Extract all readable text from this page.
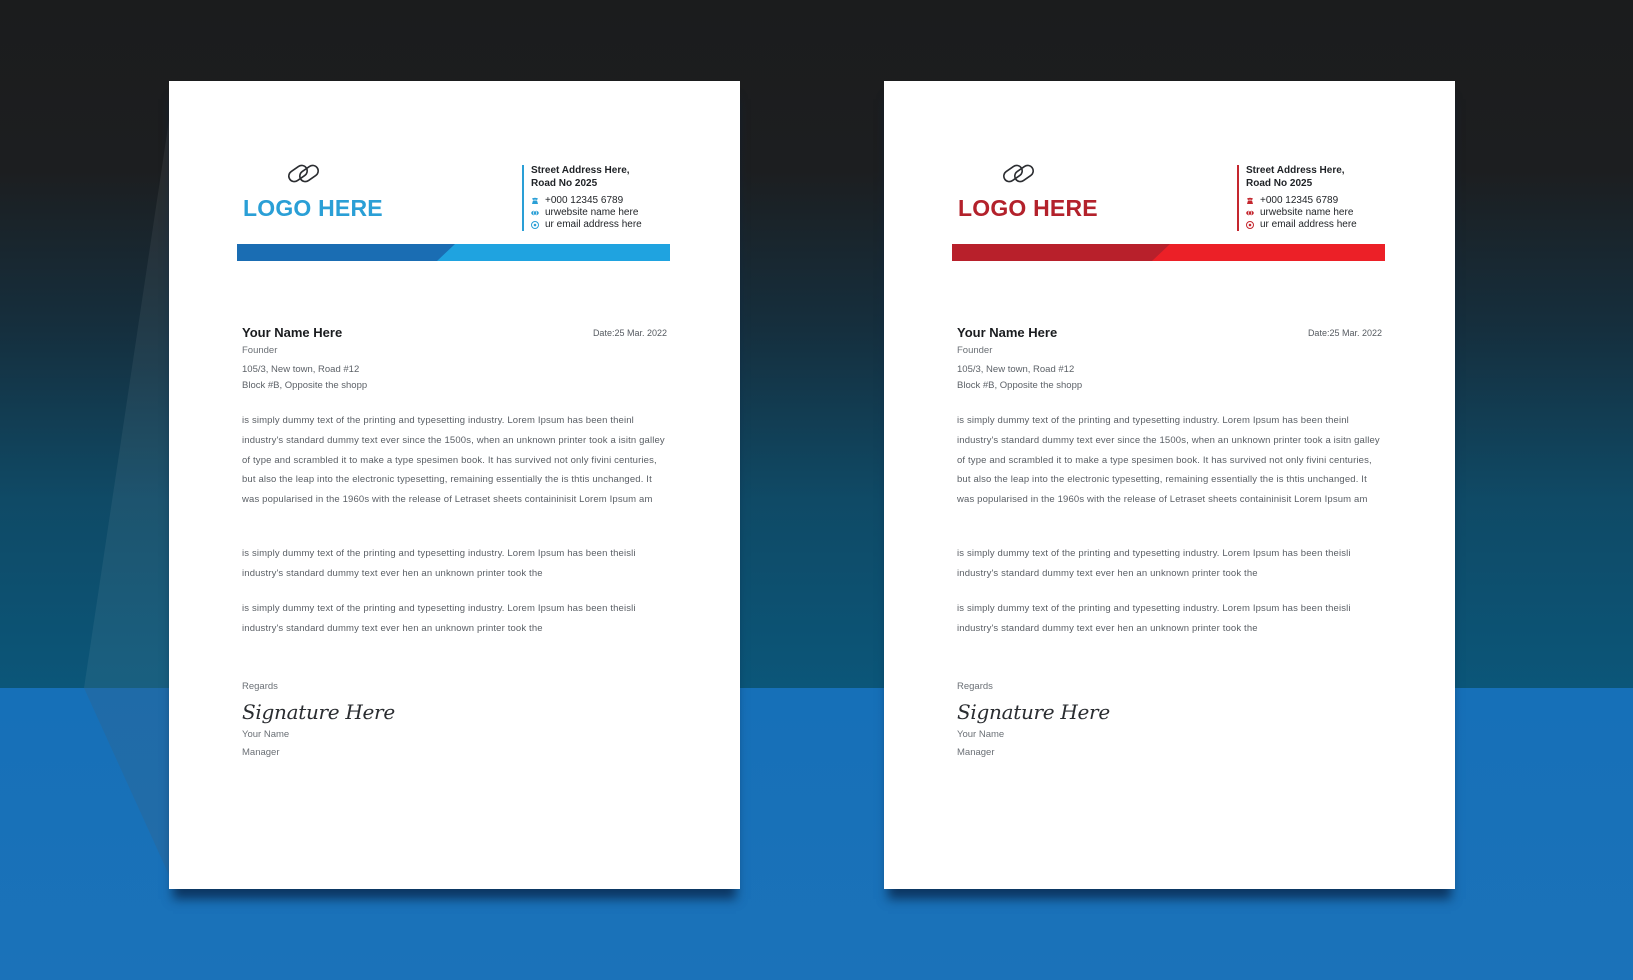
LOGO HERE
Street Address Here,
Road No 2025
+000 12345 6789
urwebsite name here
ur email address here
Your Name Here	Date:25 Mar. 2022
Founder
105/3, New town, Road #12
Block #B, Opposite the shopp

is simply dummy text of the printing and typesetting industry. Lorem Ipsum has been theinl industry's standard dummy text ever since the 1500s, when an unknown printer took a isitn galley of type and scrambled it to make a type spesimen book. It has survived not only fivini centuries, but also the leap into the electronic typesetting, remaining essentially the is thtis unchanged. It was popularised in the 1960s with the release of Letraset sheets containinisit Lorem Ipsum am

is simply dummy text of the printing and typesetting industry. Lorem Ipsum has been theisli industry's standard dummy text ever hen an unknown printer took the

is simply dummy text of the printing and typesetting industry. Lorem Ipsum has been theisli industry's standard dummy text ever hen an unknown printer took the

Regards
Signature Here
Your Name
Manager
LOGO HERE
Street Address Here,
Road No 2025
+000 12345 6789
urwebsite name here
ur email address here
Your Name Here	Date:25 Mar. 2022
Founder
105/3, New town, Road #12
Block #B, Opposite the shopp

is simply dummy text of the printing and typesetting industry. Lorem Ipsum has been theinl industry's standard dummy text ever since the 1500s, when an unknown printer took a isitn galley of type and scrambled it to make a type spesimen book. It has survived not only fivini centuries, but also the leap into the electronic typesetting, remaining essentially the is thtis unchanged. It was popularised in the 1960s with the release of Letraset sheets containinisit Lorem Ipsum am

is simply dummy text of the printing and typesetting industry. Lorem Ipsum has been theisli industry's standard dummy text ever hen an unknown printer took the

is simply dummy text of the printing and typesetting industry. Lorem Ipsum has been theisli industry's standard dummy text ever hen an unknown printer took the

Regards
Signature Here
Your Name
Manager
